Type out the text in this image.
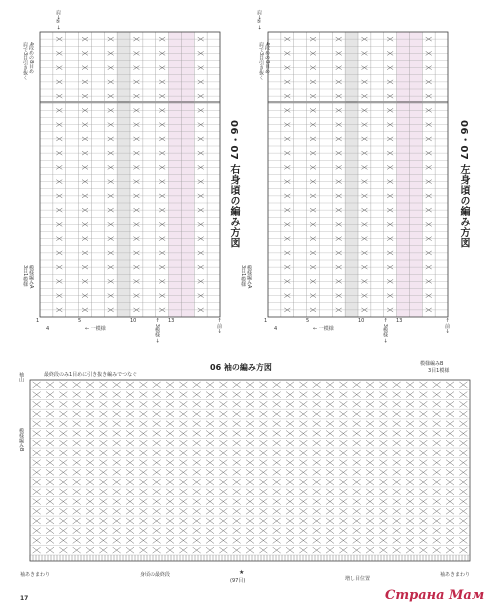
肩→⑤→
4段めの8目め
肩で3目引き抜く
06・07 右身頃の編み方図
模様編みA
3目1模様
1	5	10	13
← 一模様	← 3模様 →
4	← 前→
肩→⑤→
4段めの8目め
肩で3目引き抜く
06・07 左身頃の編み方図
模様編みA
3目1模様
1	5	10	13
← 一模様	← 3模様 →
4	← 前→
06 袖の編み方図
最終段のみ1目めに引き抜き編みでつなぐ
模様編みB
3目1模様
袖山
模様編みB
袖あきまわり	身頃の最終段	★
(97目)	増し目位置
袖あきまわり
17	Страна Мам
